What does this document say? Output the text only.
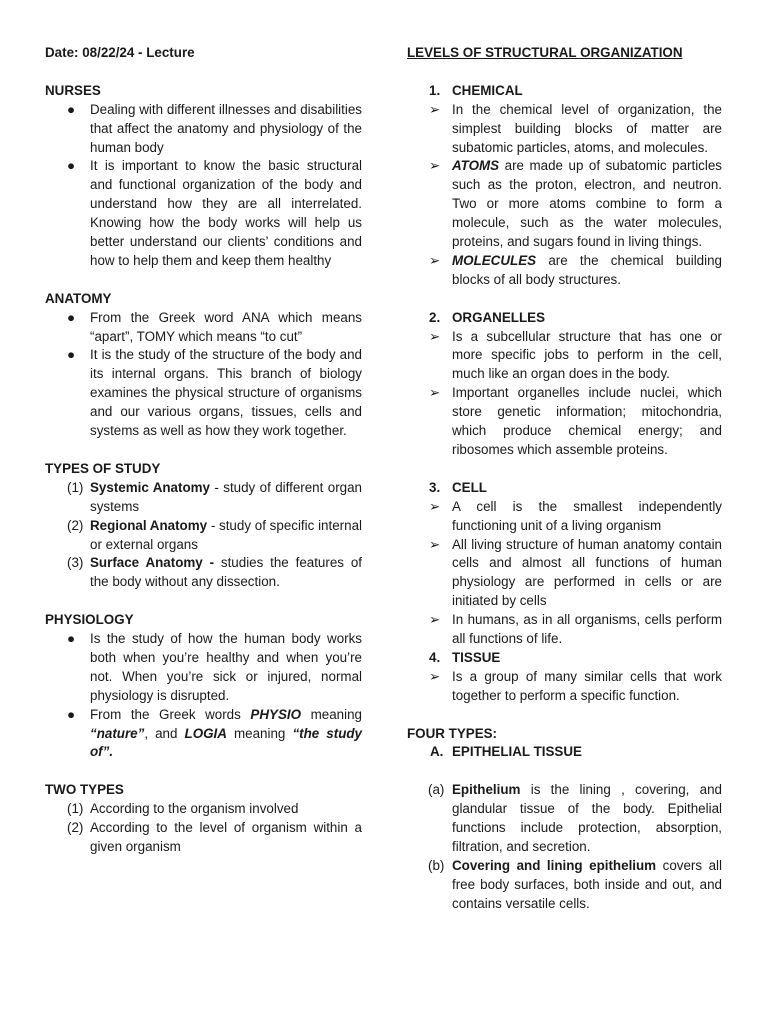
Date: 08/22/24 - Lecture
NURSES
● Dealing with different illnesses and disabilities that affect the anatomy and physiology of the human body
● It is important to know the basic structural and functional organization of the body and understand how they are all interrelated. Knowing how the body works will help us better understand our clients’ conditions and how to help them and keep them healthy
ANATOMY
● From the Greek word ANA which means “apart”, TOMY which means “to cut”
● It is the study of the structure of the body and its internal organs. This branch of biology examines the physical structure of organisms and our various organs, tissues, cells and systems as well as how they work together.
TYPES OF STUDY
(1) Systemic Anatomy - study of different organ systems
(2) Regional Anatomy - study of specific internal or external organs
(3) Surface Anatomy - studies the features of the body without any dissection.
PHYSIOLOGY
● Is the study of how the human body works both when you’re healthy and when you’re not. When you’re sick or injured, normal physiology is disrupted.
● From the Greek words PHYSIO meaning “nature”, and LOGIA meaning “the study of”.
TWO TYPES
(1) According to the organism involved
(2) According to the level of organism within a given organism
LEVELS OF STRUCTURAL ORGANIZATION
1. CHEMICAL
➢ In the chemical level of organization, the simplest building blocks of matter are subatomic particles, atoms, and molecules.
➢ ATOMS are made up of subatomic particles such as the proton, electron, and neutron. Two or more atoms combine to form a molecule, such as the water molecules, proteins, and sugars found in living things.
➢ MOLECULES are the chemical building blocks of all body structures.
2. ORGANELLES
➢ Is a subcellular structure that has one or more specific jobs to perform in the cell, much like an organ does in the body.
➢ Important organelles include nuclei, which store genetic information; mitochondria, which produce chemical energy; and ribosomes which assemble proteins.
3. CELL
➢ A cell is the smallest independently functioning unit of a living organism
➢ All living structure of human anatomy contain cells and almost all functions of human physiology are performed in cells or are initiated by cells
➢ In humans, as in all organisms, cells perform all functions of life.
4. TISSUE
➢ Is a group of many similar cells that work together to perform a specific function.
FOUR TYPES:
A. EPITHELIAL TISSUE
(a) Epithelium is the lining , covering, and glandular tissue of the body. Epithelial functions include protection, absorption, filtration, and secretion.
(b) Covering and lining epithelium covers all free body surfaces, both inside and out, and contains versatile cells.
